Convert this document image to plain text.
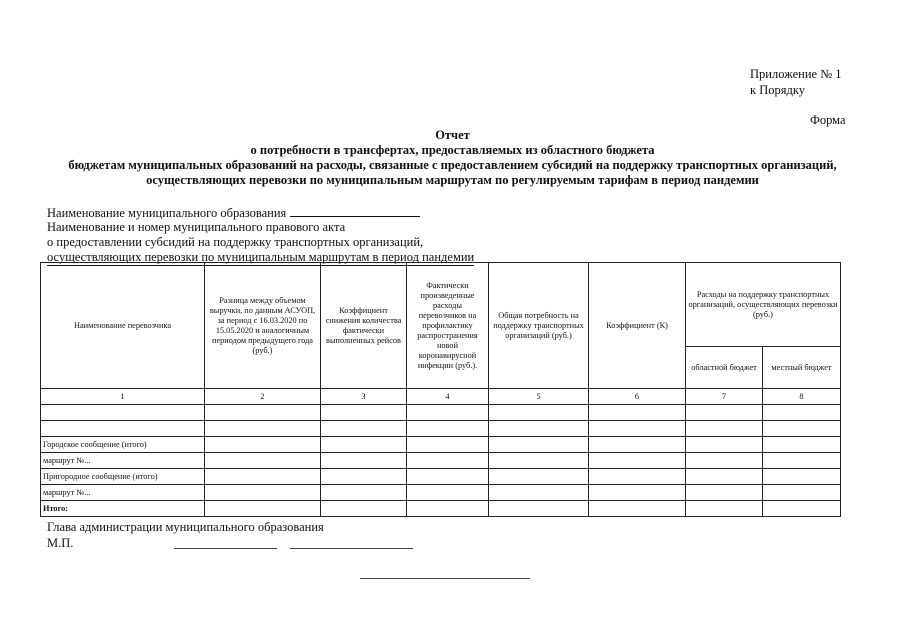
Приложение № 1
к Порядку
Форма
Отчет
о потребности в трансфертах, предоставляемых из областного бюджета
бюджетам муниципальных образований на расходы, связанные с предоставлением субсидий на поддержку транспортных организаций,
осуществляющих перевозки по муниципальным маршрутам по регулируемым тарифам в период пандемии
Наименование муниципального образования
Наименование и номер муниципального правового акта
о предоставлении субсидий на поддержку транспортных организаций,
осуществляющих перевозки по муниципальным маршрутам в период пандемии
Наименование перевозчика	Разница между объемом выручки, по данным АСУОП, за период с 16.03.2020 по 15.05.2020 и аналогичным периодом предыдущего года (руб.)	Коэффициент снижения количества фактически выполненных рейсов	Фактически произведенные расходы перевозчиков на профилактику распространения новой коронавирусной инфекции (руб.).	Общая потребность на поддержку транспортных организаций (руб.)	Коэффициент (К)	Расходы на поддержку транспортных организаций, осуществляющих перевозки (руб.)	
						областной бюджет	местный бюджет
1	2	3	4	5	6	7	8

Городское сообщение (итого)							
маршрут №...							
Пригородное сообщение (итого)							
маршрут №...							
Итого:							
Глава администрации муниципального образования
М.П.
